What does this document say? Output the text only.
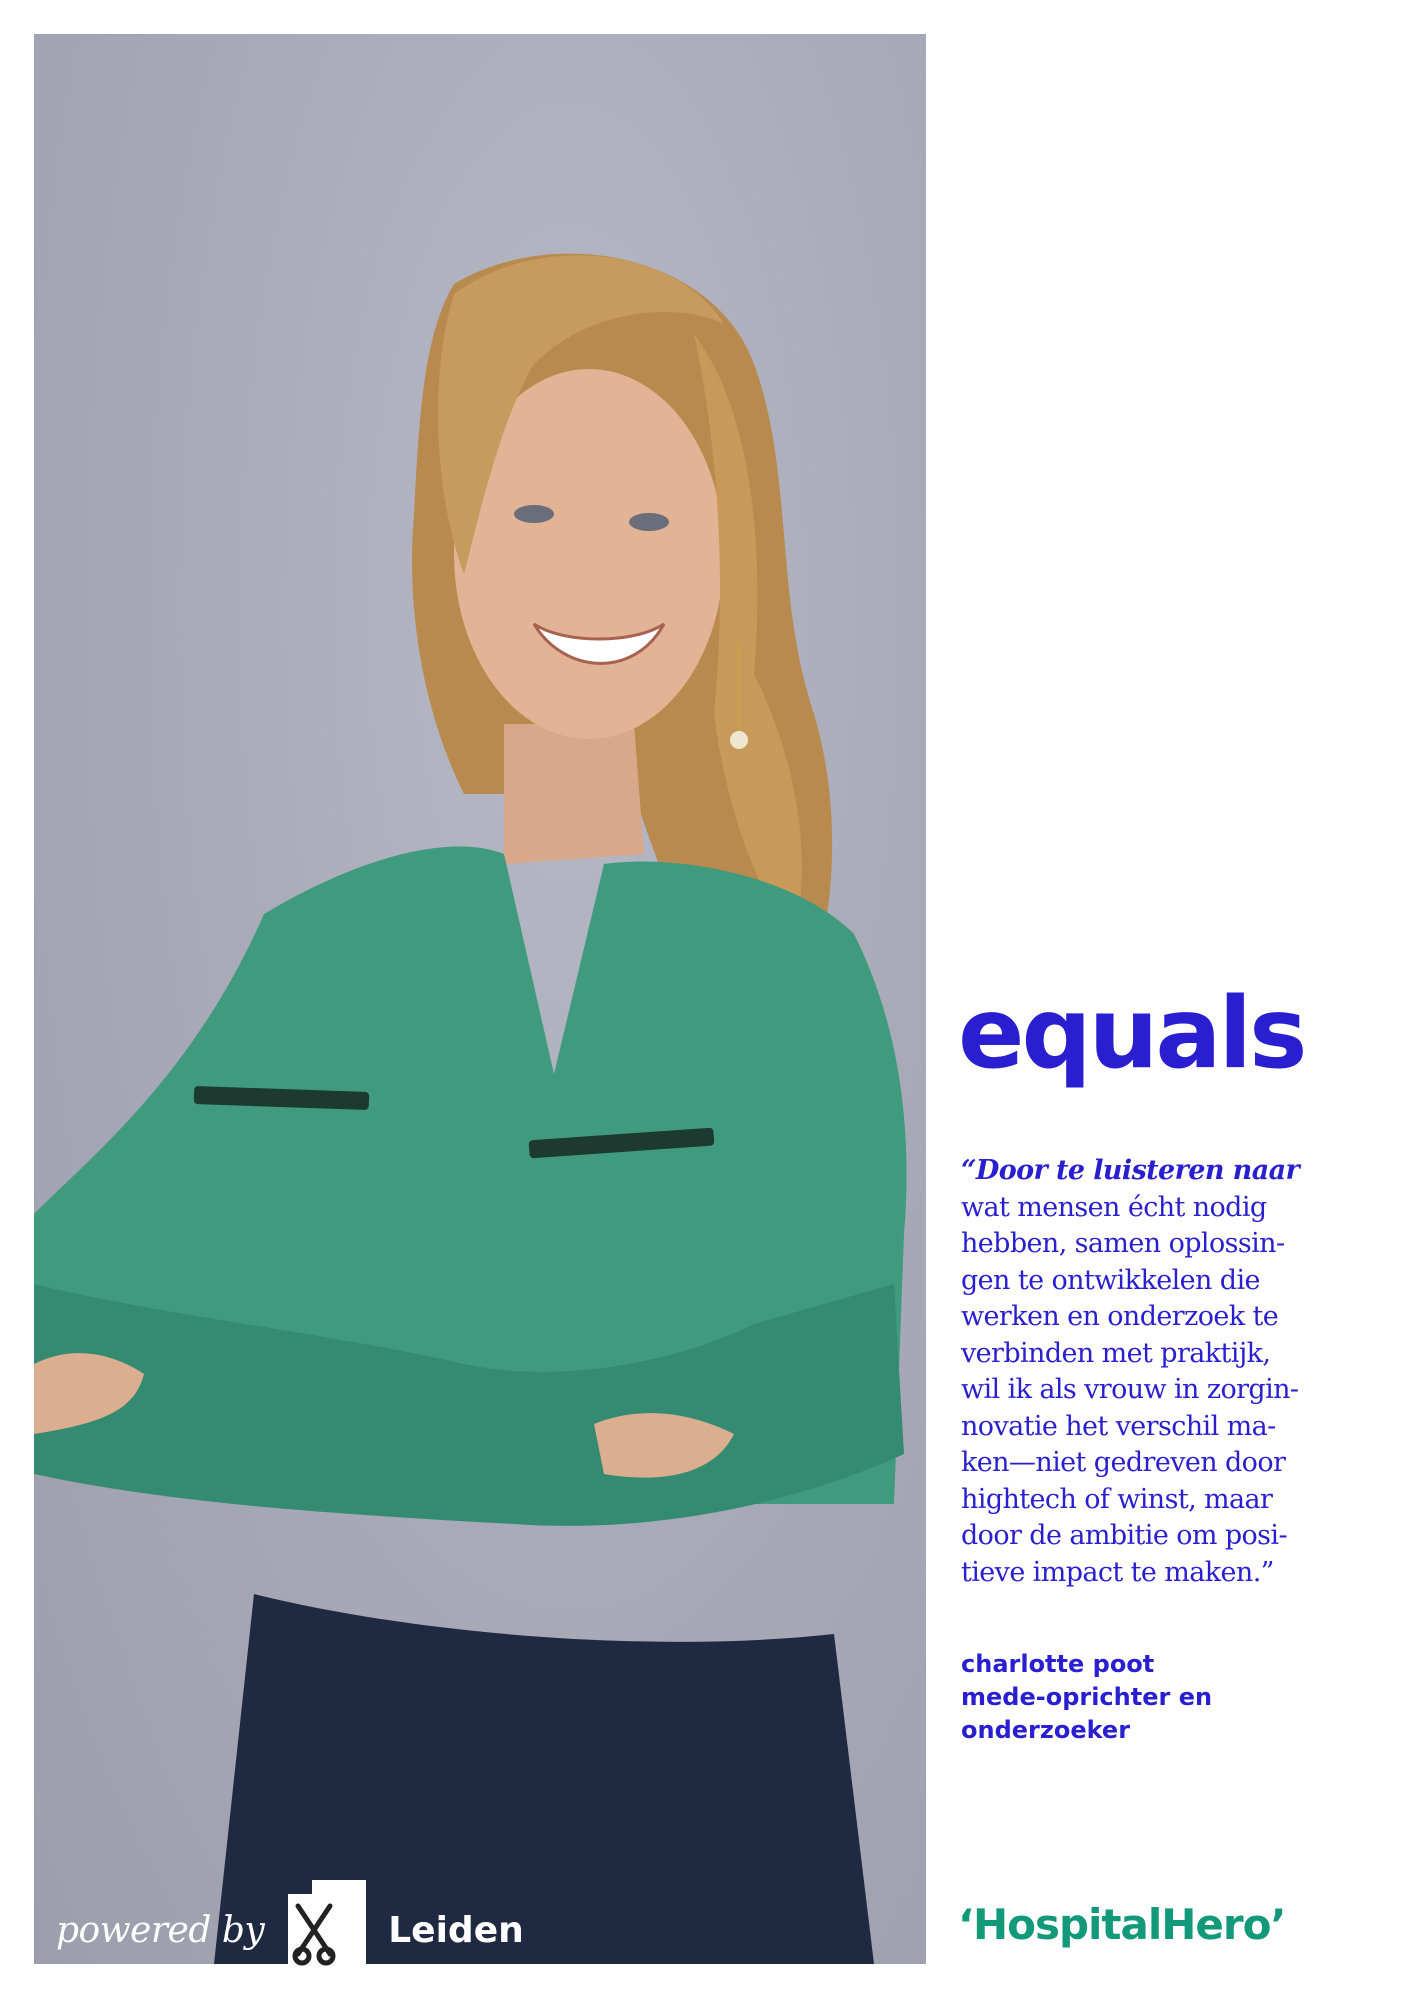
powered by	Leiden
equals
“Door te luisteren naar
wat mensen écht nodig
hebben, samen oplossin-
gen te ontwikkelen die
werken en onderzoek te
verbinden met praktijk,
wil ik als vrouw in zorgin-
novatie het verschil ma-
ken—niet gedreven door
hightech of winst, maar
door de ambitie om posi-
tieve impact te maken.”
charlotte poot
mede-oprichter en
onderzoeker
‘HospitalHero’
